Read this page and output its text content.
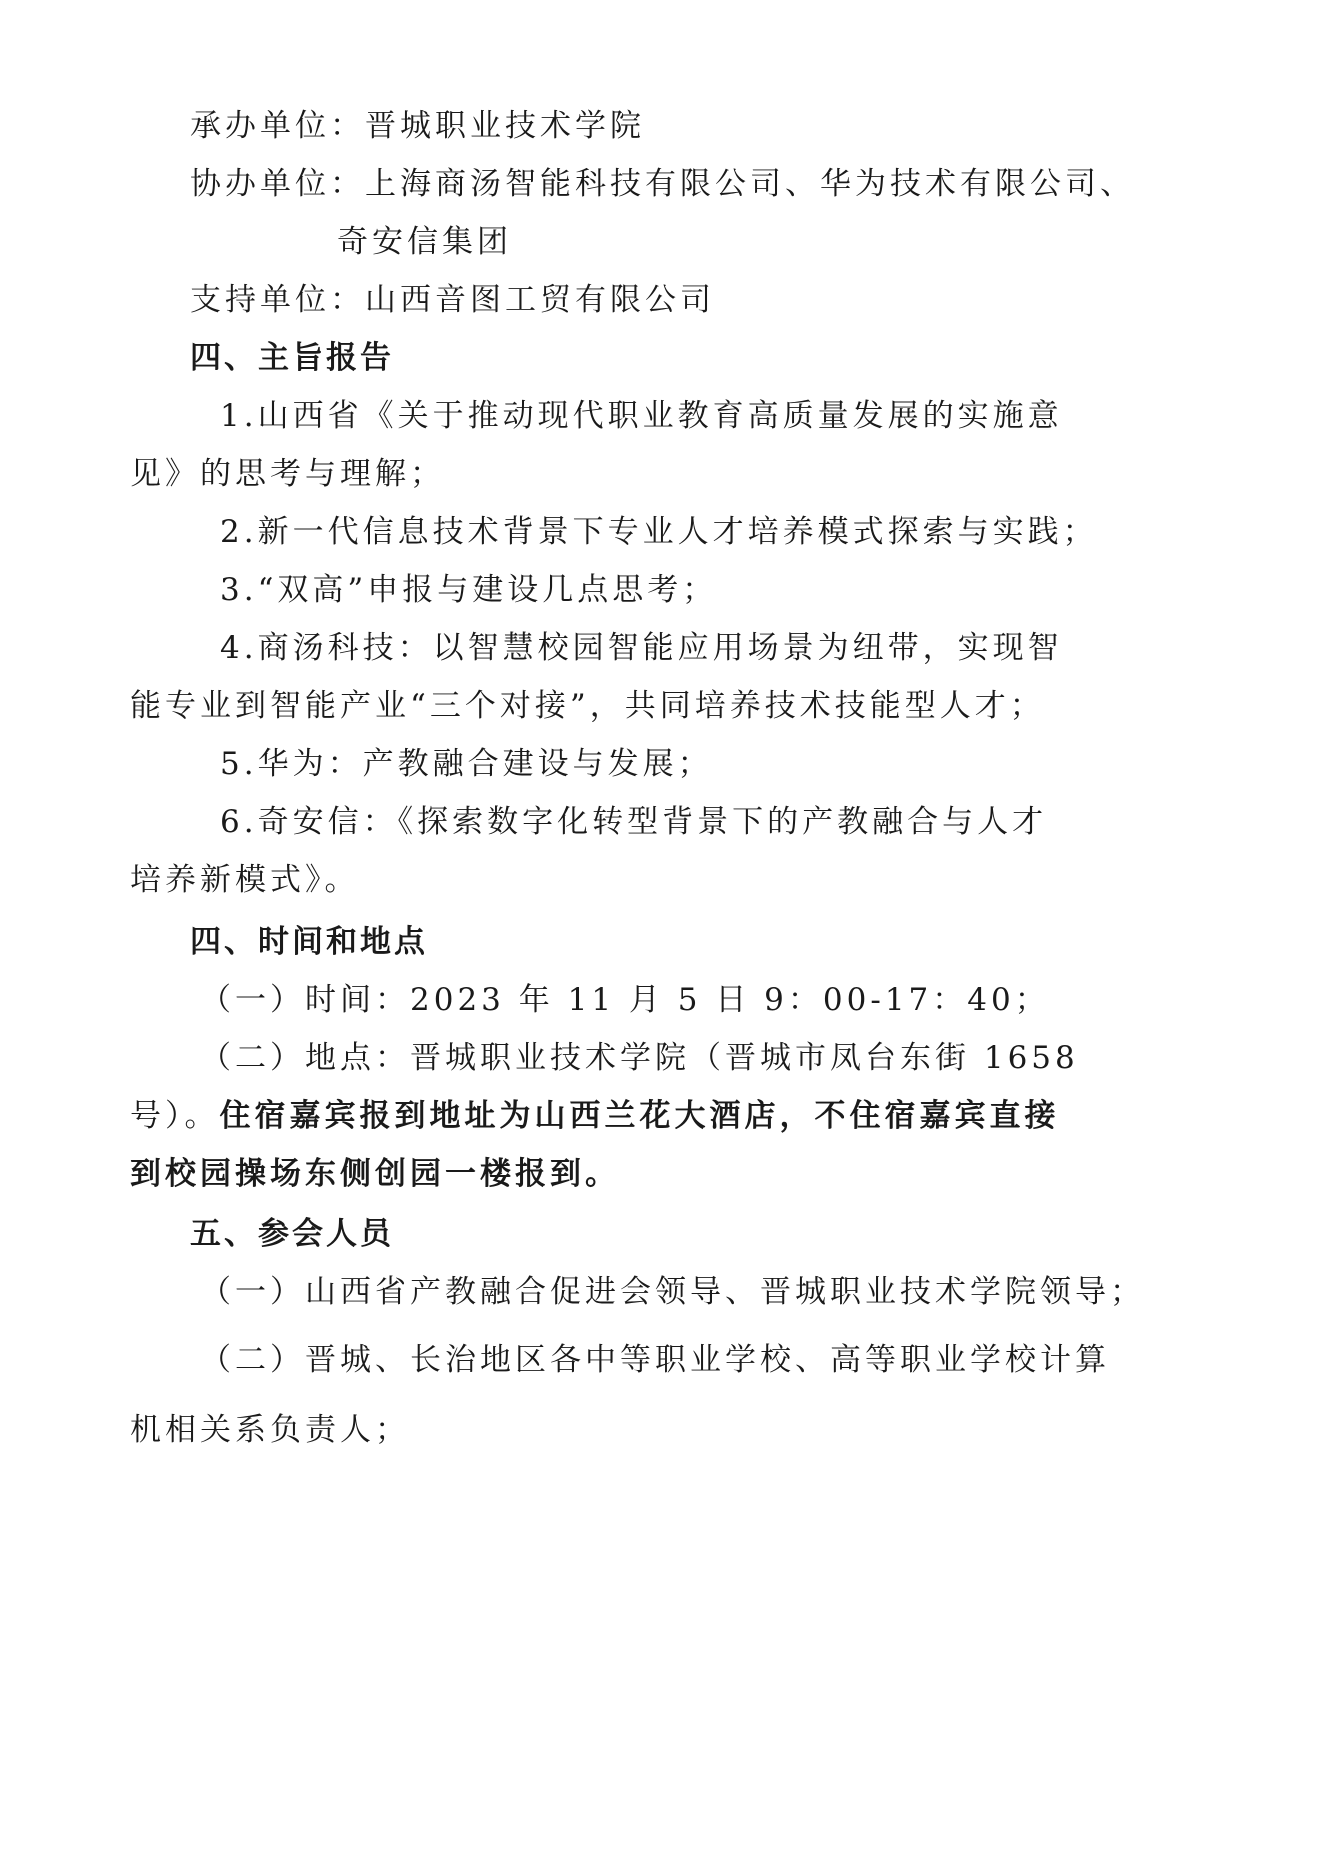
承办单位：晋城职业技术学院
协办单位：上海商汤智能科技有限公司、华为技术有限公司、
奇安信集团
支持单位：山西音图工贸有限公司
四、主旨报告
1.山西省《关于推动现代职业教育高质量发展的实施意
见》的思考与理解；
2.新一代信息技术背景下专业人才培养模式探索与实践；
3.“双高”申报与建设几点思考；
4.商汤科技：以智慧校园智能应用场景为纽带，实现智
能专业到智能产业“三个对接”，共同培养技术技能型人才；
5.华为：产教融合建设与发展；
6.奇安信：《探索数字化转型背景下的产教融合与人才
培养新模式》。
四、时间和地点
（一）时间：2023 年 11 月 5 日 9：00-17：40；
（二）地点：晋城职业技术学院（晋城市凤台东街 1658
号）。住宿嘉宾报到地址为山西兰花大酒店，不住宿嘉宾直接
到校园操场东侧创园一楼报到。
五、参会人员
（一）山西省产教融合促进会领导、晋城职业技术学院领导；
（二）晋城、长治地区各中等职业学校、高等职业学校计算
机相关系负责人；
